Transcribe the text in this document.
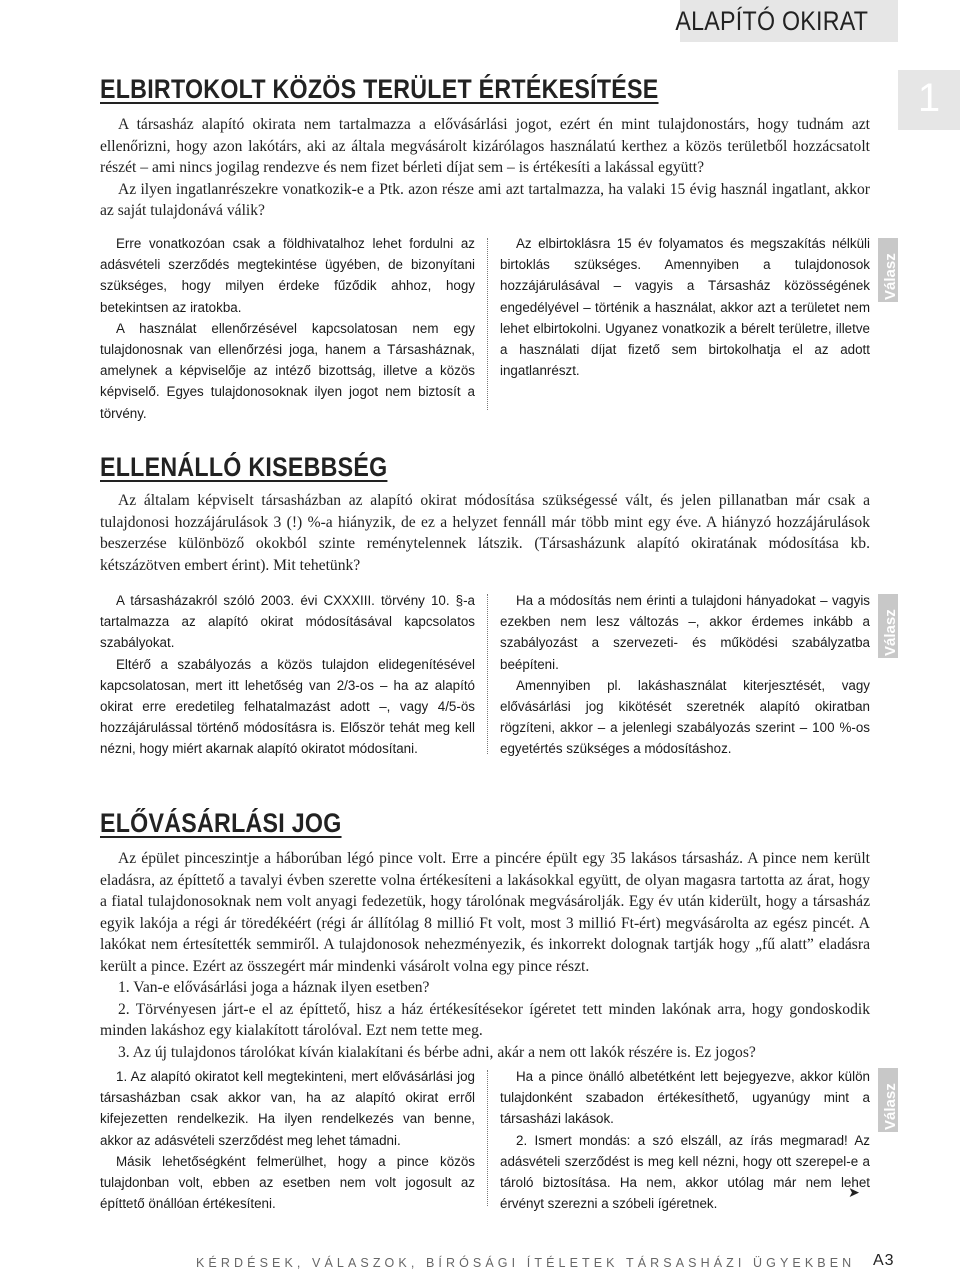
ALAPÍTÓ OKIRAT
1
ELBIRTOKOLT KÖZÖS TERÜLET ÉRTÉKESÍTÉSE

A társasház alapító okirata nem tartalmazza a elővásárlási jogot, ezért én mint tulajdonostárs, hogy tudnám azt ellenőrizni, hogy azon lakótárs, aki az általa megvásárolt kizárólagos használatú kerthez a közös területből hozzácsatolt részét – ami nincs jogilag rendezve és nem fizet bérleti díjat sem – is értékesíti a lakással együtt?

Az ilyen ingatlanrészekre vonatkozik-e a Ptk. azon része ami azt tartalmazza, ha valaki 15 évig használ ingatlant, akkor az saját tulajdonává válik?

Erre vonatkozóan csak a földhivatalhoz lehet fordulni az adásvételi szerződés megtekintése ügyében, de bizonyítani szükséges, hogy milyen érdeke fűződik ahhoz, hogy betekintsen az iratokba.

A használat ellenőrzésével kapcsolatosan nem egy tulajdonosnak van ellenőrzési joga, hanem a Társasháznak, amelynek a képviselője az intéző bizottság, illetve a közös képviselő. Egyes tulajdonosoknak ilyen jogot nem biztosít a törvény.

Az elbirtoklásra 15 év folyamatos és megszakítás nélküli birtoklás szükséges. Amennyiben a tulajdonosok hozzájárulásával – vagyis a Társasház közösségének engedélyével – történik a használat, akkor azt a területet nem lehet elbirtokolni. Ugyanez vonatkozik a bérelt területre, illetve a használati díjat fizető sem birtokolhatja el az adott ingatlanrészt.

Válasz
ELLENÁLLÓ KISEBBSÉG

Az általam képviselt társasházban az alapító okirat módosítása szükségessé vált, és jelen pillanatban már csak a tulajdonosi hozzájárulások 3 (!) %-a hiányzik, de ez a helyzet fennáll már több mint egy éve. A hiányzó hozzájárulások beszerzése különböző okokból szinte reménytelennek látszik. (Társasházunk alapító okiratának módosítása kb. kétszázötven embert érint). Mit tehetünk?

A társasházakról szóló 2003. évi CXXXIII. törvény 10. §-a tartalmazza az alapító okirat módosításával kapcsolatos szabályokat.

Eltérő a szabályozás a közös tulajdon elidegenítésével kapcsolatosan, mert itt lehetőség van 2/3-os – ha az alapító okirat erre eredetileg felhatalmazást adott –, vagy 4/5-ös hozzájárulással történő módosításra is. Először tehát meg kell nézni, hogy miért akarnak alapító okiratot módosítani.

Ha a módosítás nem érinti a tulajdoni hányadokat – vagyis ezekben nem lesz változás –, akkor érdemes inkább a szabályozást a szervezeti- és működési szabályzatba beépíteni.

Amennyiben pl. lakáshasználat kiterjesztését, vagy elővásárlási jog kikötését szeretnék alapító okiratban rögzíteni, akkor – a jelenlegi szabályozás szerint – 100 %-os egyetértés szükséges a módosításhoz.

Válasz
ELŐVÁSÁRLÁSI JOG

Az épület pinceszintje a háborúban légó pince volt. Erre a pincére épült egy 35 lakásos társasház. A pince nem került eladásra, az építtető a tavalyi évben szerette volna értékesíteni a lakásokkal együtt, de olyan magasra tartotta az árat, hogy a fiatal tulajdonosoknak nem volt anyagi fedezetük, hogy tárolónak megvásárolják. Egy év után kiderült, hogy a társasház egyik lakója a régi ár töredékéért (régi ár állítólag 8 millió Ft volt, most 3 millió Ft-ért) megvásárolta az egész pincét. A lakókat nem értesítették semmiről. A tulajdonosok nehezményezik, és inkorrekt dolognak tartják hogy „fű alatt” eladásra került a pince. Ezért az összegért már mindenki vásárolt volna egy pince részt.

1. Van-e elővásárlási joga a háznak ilyen esetben?

2. Törvényesen járt-e el az építtető, hisz a ház értékesítésekor ígéretet tett minden lakónak arra, hogy gondoskodik minden lakáshoz egy kialakított tárolóval. Ezt nem tette meg.

3. Az új tulajdonos tárolókat kíván kialakítani és bérbe adni, akár a nem ott lakók részére is. Ez jogos?

1. Az alapító okiratot kell megtekinteni, mert elővásárlási jog társasházban csak akkor van, ha az alapító okirat erről kifejezetten rendelkezik. Ha ilyen rendelkezés van benne, akkor az adásvételi szerződést meg lehet támadni.

Másik lehetőségként felmerülhet, hogy a pince közös tulajdonban volt, ebben az esetben nem volt jogosult az építtető önállóan értékesíteni.

Ha a pince önálló albetétként lett bejegyezve, akkor külön tulajdonként szabadon értékesíthető, ugyanúgy mint a társasházi lakások.

2. Ismert mondás: a szó elszáll, az írás megmarad! Az adásvételi szerződést is meg kell nézni, hogy ott szerepel-e a tároló biztosítása. Ha nem, akkor utólag már nem lehet érvényt szerezni a szóbeli ígéretnek.

Válasz
➤
KÉRDÉSEK, VÁLASZOK, BÍRÓSÁGI ÍTÉLETEK TÁRSASHÁZI ÜGYEKBEN A3
